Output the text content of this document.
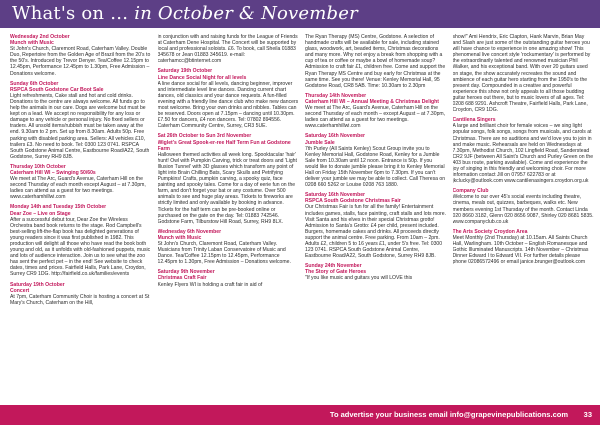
What's on … in October & November
Wednesday 2nd October
Munch with Music
St John's Church, Claremont Road, Caterham Valley. Double Duo, Repertoire from the Golden Age of Brazil from the 20's to the 50's. Introduced by Trevor Denyer. Tea/Coffee 12.15pm to 12.45pm, Performance 12.45pm to 1.30pm, Free Admission – Donations welcome.
Sunday 6th October
RSPCA South Godstone Car Boot Sale
Light refreshments, Cake stall and hot and cold drinks. Donations to the centre are always welcome. All funds go to help the animals in our care. Dogs are welcome but must be kept on a lead. We accept no responsibility for any loss or damage to any vehicle or personal injury. No fixed sellers or traders. All unsold items/rubbish must be taken away at the end. 9.30am to 2 pm. Set up from 8.30am. Adults 50p. Free parking with disabled parking area. Sellers: All vehicles £10, trailers £3. No need to book. Tel: 0300 123 0741. RSPCA South Godstone Animal Centre, Eastbourne Road/A22, South Godstone, Surrey RH9 8JB.
Thursday 10th October
Caterham Hill WI – Swinging 50/60s
We meet at The Arc, Guard's Avenue, Caterham Hill on the second Thursday of each month except August – at 7.30pm, ladies can attend as a guest for two meetings. www.caterhamhillwi.com
Monday 14th and Tuesday 15th October
Dear Zoe – Live on Stage
After a successful debut tour, Dear Zoe the Wireless Orchestra band book returns to the stage. Rod Campbell's best-selling lift-the-flap book has delighted generations of young readers since it was first published in 1982. This production will delight all those who have read the book both young and old, as it unfolds with old-fashioned puppets, music and lots of audience interaction. Join us to see what the zoo has sent the perfect pet – in the end! See website to check dates, times and prices. Fairfield Halls, Park Lane, Croydon, Surrey CR9 1DG. http://fairfield.co.uk/families/events
Saturday 19th October
Concert
At 7pm, Caterham Community Choir is hosting a concert at St Mary's Church, Caterham on the Hill,
in conjunction with and raising funds for the League of Friends at Caterham Dene Hospital. The Concert will be supported by local and professional soloists. £6. To book, call Sheila 01883 345678 or Jean 01883 345619. e-mail: caterhamcc@btinternet.com
Saturday 19th October
Line Dance Social Night for all levels
A line dance social for all levels, dancing beginner, improver and intermediate level line dances. Dancing current chart dances, old classics and your dance requests. A fun-filled evening with a friendly line dance club who make new dancers most welcome. Bring your own drinks and nibbles. Tables can be reserved. Doors open at 7.15pm – dancing until 10.30pm. £7.50 for dancers, £4 non dancers. Tel: 07802 894556. Caterham Community Centre, Surrey, CR3 5UE.
Sat 26th October to Sun 3rd November
Wiglet's Great Spook-er-ree Half Term Fun at Godstone Farm
Halloween themed activities all week long. Spooktacular 'hair' hunt! Owl with Pumpkin Carving, trick or treat doors and 'Light Illusion Tunnel' with 3D glasses which transform any point of light into Brain Chilling Bats, Scary Skulls and Petrifying Pumpkins! Crafts, pumpkin carving, a spooky quiz, face painting and spooky tales. Come for a day of eerie fun on the farm, and don't forget your bat or any costume. Over 500 animals to see and huge play areas. Tickets to fireworks are strictly limited and only available by booking in advance. Tickets for the half term can be pre-booked online or purchased on the gate on the day. Tel: 01883 742546. Godstone Farm, Tilburstow Hill Road, Surrey, RH9 8LX.
Wednesday 6th November
Munch with Music
St John's Church, Claremont Road, Caterham Valley. Musicians from Trinity Laban Conservatoire of Music and Dance. Tea/Coffee 12.15pm to 12.45pm, Performance 12.45pm to 1.30pm, Free Admission – Donations welcome.
Saturday 9th November
Christmas Craft Fair
Kenley Flyers WI is holding a craft fair in aid of
The Ryan Therapy (MS) Centre, Godstone. A selection of handmade crafts will be available for sale, including stained glass, woodwork, art, beaded items, Christmas decorations and many more. Why not enjoy a break from shopping with a cup of tea or coffee or maybe a bowl of homemade soup? Admission to craft fair £1, children free. Come and support the Ryan Therapy MS Centre and buy early for Christmas at the same time. See you there! Venue: Kenley Memorial Hall, 95 Godstone Road, CR8 5AB. Time: 10.30am to 2.30pm
Thursday 14th November
Caterham Hill WI – Annual Meeting & Christmas Delight
We meet at The Arc, Guard's Avenue, Caterham Hill on the second Thursday of each month – except August – at 7.30pm, ladies can attend as a guest for two meetings. www.caterhamhillwi.com
Saturday 16th November
Jumble Sale
7th Purley (All Saints Kenley) Scout Group invite you to Kenley Memorial Hall, Godstone Road, Kenley for a Jumble Sale from 10.30am until 12 noon. Entrance is 50p. If you would like to donate jumble please bring it to Kenley Memorial Hall on Friday 15th November 6pm to 7.30pm. If you can't deliver your jumble we may be able to collect. Call Theresa on 0208 660 5262 or Louise 0208 763 1880.
Saturday 16th November
RSPCA South Godstone Christmas Fair
Our Christmas Fair is fun for all the family! Entertainment includes games, stalls, face painting, craft stalls and lots more. Visit Santa and his elves in their special Christmas grotto! Admission to Santa's Grotto: £4 per child, present included. Burgers, homemade cakes and drinks. All proceeds directly support the animal centre. Free parking. From 10am – 2pm. Adults £2, children 5 to 16 years £1, under 5's free. Tel: 0300 123 0741. RSPCA South Godstone Animal Centre, Eastbourne Road/A22, South Godstone, Surrey RH9 8JB.
Sunday 24th November
The Story of Gate Heroes
"If you like music and guitars you will LOVE this
show!" Ami Hendrix, Eric Clapton, Hank Marvin, Brian May and Slash are just some of the outstanding guitar heroes you will have chance to experience in one amazing show! This phenomenal live concert style 'rockumentary' is performed by the extraordinarily talented and renowned musician Phil Walker, and his exceptional band. With over 20 guitars used on stage, the show accurately recreates the sound and ambience of each guitar hero starting from the 1950's to the present day. Compounded in a creative and powerful experience this show not only appeals to all those budding guitar heroes out there, but to music lovers of all ages. Tel: 0208 688 9291. Ashcroft Theatre, Fairfield Halls, Park Lane, Croydon, CR9 1DG.
Cantilena Singers
A large and brilliant choir for female voices – we sing light popular songs, folk songs, songs from musicals, and carols at Christmas. There are no auditions and we'd love you to join in and make music. Rehearsals are held on Wednesdays at 7.30pm, Methodist Church, 102 Lingfield Road, Sanderstead CR2 9JF (between All Saint's Church and Purley Green on the 403 bus route, parking available). Come and experience the joy of singing in this friendly and welcoming choir. For more information contact Jill on 07957 622783 or at jkclucky@outlook.com www.cantilenasingers.croydon.org.uk
Company Club
Welcome to our over 45's social events including theatre, cinema, meals out, quizzes, barbeques, walks etc. New members evening 1st Thursday of the month. Contact Linda 020 8660 3182, Glenn 020 8656 9087, Shirley 020 8681 5835. www.companyclub.co.uk
The Arts Society Croydon Area
Meet Monthly (2nd Thursday) at 10.15am. All Saints Church Hall, Warlingham. 10th October – English Romanesque and Gothic Illuminated Manuscripts. 14th November – Christmas Dinner Edward I to Edward VII. For further details please phone 02086572496 or email janice.brunger@outlook.com
To advertise your business email info@grapevinepublications.com 33
